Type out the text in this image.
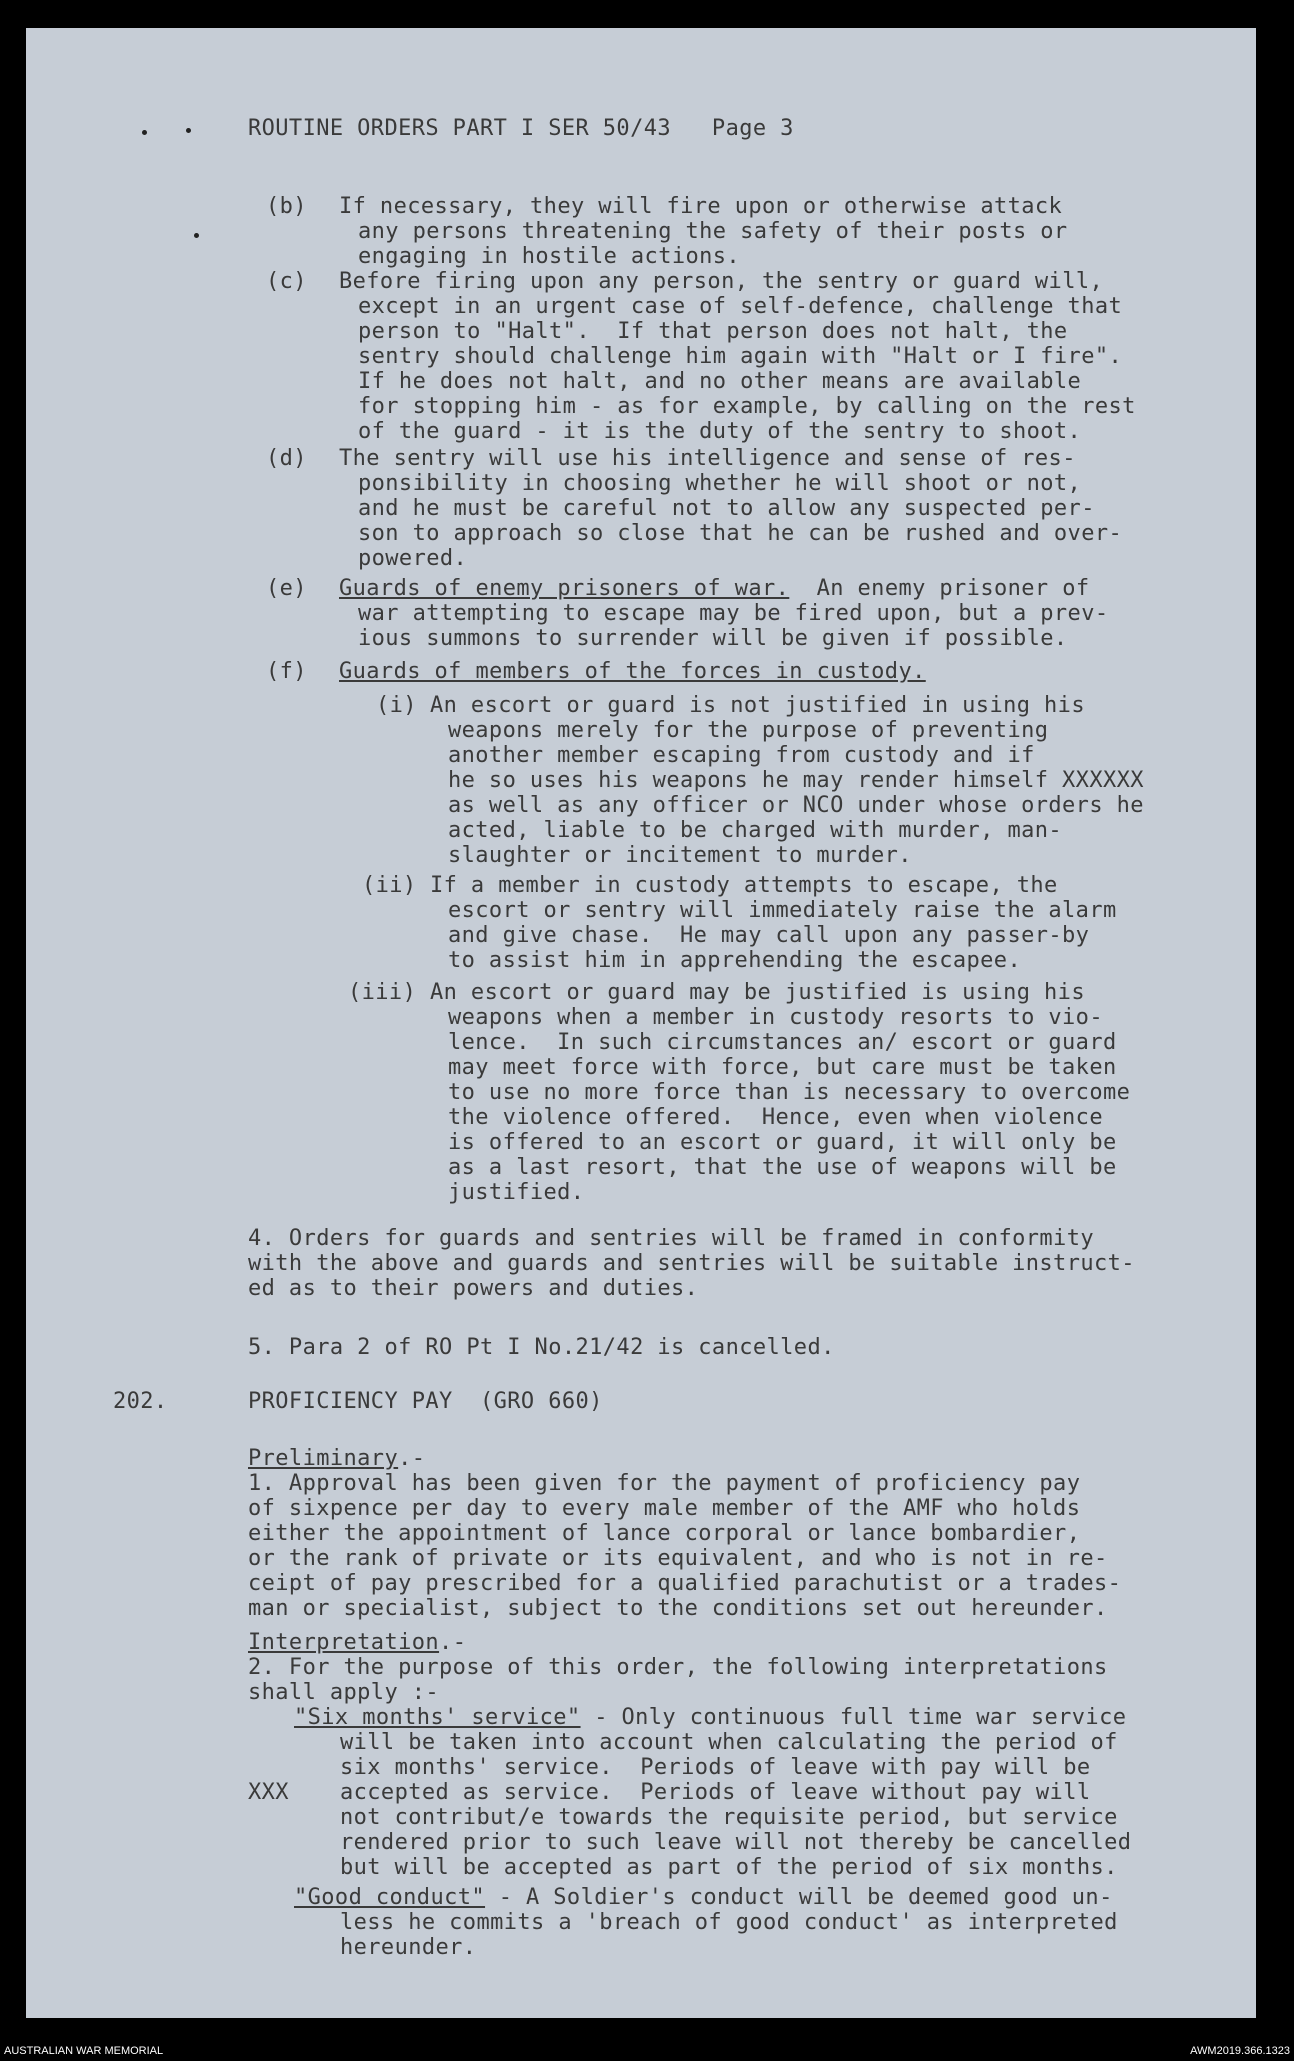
ROUTINE ORDERS PART I SER 50/43   Page 3
(b) If necessary, they will fire upon or otherwise attack
any persons threatening the safety of their posts or
engaging in hostile actions.
(c) Before firing upon any person, the sentry or guard will,
except in an urgent case of self-defence, challenge that
person to "Halt".  If that person does not halt, the
sentry should challenge him again with "Halt or I fire".
If he does not halt, and no other means are available
for stopping him - as for example, by calling on the rest
of the guard - it is the duty of the sentry to shoot.
(d) The sentry will use his intelligence and sense of res-
ponsibility in choosing whether he will shoot or not,
and he must be careful not to allow any suspected per-
son to approach so close that he can be rushed and over-
powered.
(e) Guards of enemy prisoners of war.  An enemy prisoner of
war attempting to escape may be fired upon, but a prev-
ious summons to surrender will be given if possible.
(f) Guards of members of the forces in custody.
(i) An escort or guard is not justified in using his
weapons merely for the purpose of preventing
another member escaping from custody and if
he so uses his weapons he may render himself XXXXXX
as well as any officer or NCO under whose orders he
acted, liable to be charged with murder, man-
slaughter or incitement to murder.
(ii) If a member in custody attempts to escape, the
escort or sentry will immediately raise the alarm
and give chase.  He may call upon any passer-by
to assist him in apprehending the escapee.
(iii) An escort or guard may be justified is using his
weapons when a member in custody resorts to vio-
lence.  In such circumstances an/ escort or guard
may meet force with force, but care must be taken
to use no more force than is necessary to overcome
the violence offered.  Hence, even when violence
is offered to an escort or guard, it will only be
as a last resort, that the use of weapons will be
justified.
4. Orders for guards and sentries will be framed in conformity
with the above and guards and sentries will be suitable instruct-
ed as to their powers and duties.
5. Para 2 of RO Pt I No.21/42 is cancelled.
202.	PROFICIENCY PAY  (GRO 660)
Preliminary.-
1. Approval has been given for the payment of proficiency pay
of sixpence per day to every male member of the AMF who holds
either the appointment of lance corporal or lance bombardier,
or the rank of private or its equivalent, and who is not in re-
ceipt of pay prescribed for a qualified parachutist or a trades-
man or specialist, subject to the conditions set out hereunder.
Interpretation.-
2. For the purpose of this order, the following interpretations
shall apply :-
"Six months' service" - Only continuous full time war service
will be taken into account when calculating the period of
six months' service.  Periods of leave with pay will be
XXX accepted as service.  Periods of leave without pay will
not contribut/e towards the requisite period, but service
rendered prior to such leave will not thereby be cancelled
but will be accepted as part of the period of six months.
"Good conduct" - A Soldier's conduct will be deemed good un-
less he commits a 'breach of good conduct' as interpreted
hereunder.
AUSTRALIAN WAR MEMORIAL	AWM2019.366.1323
